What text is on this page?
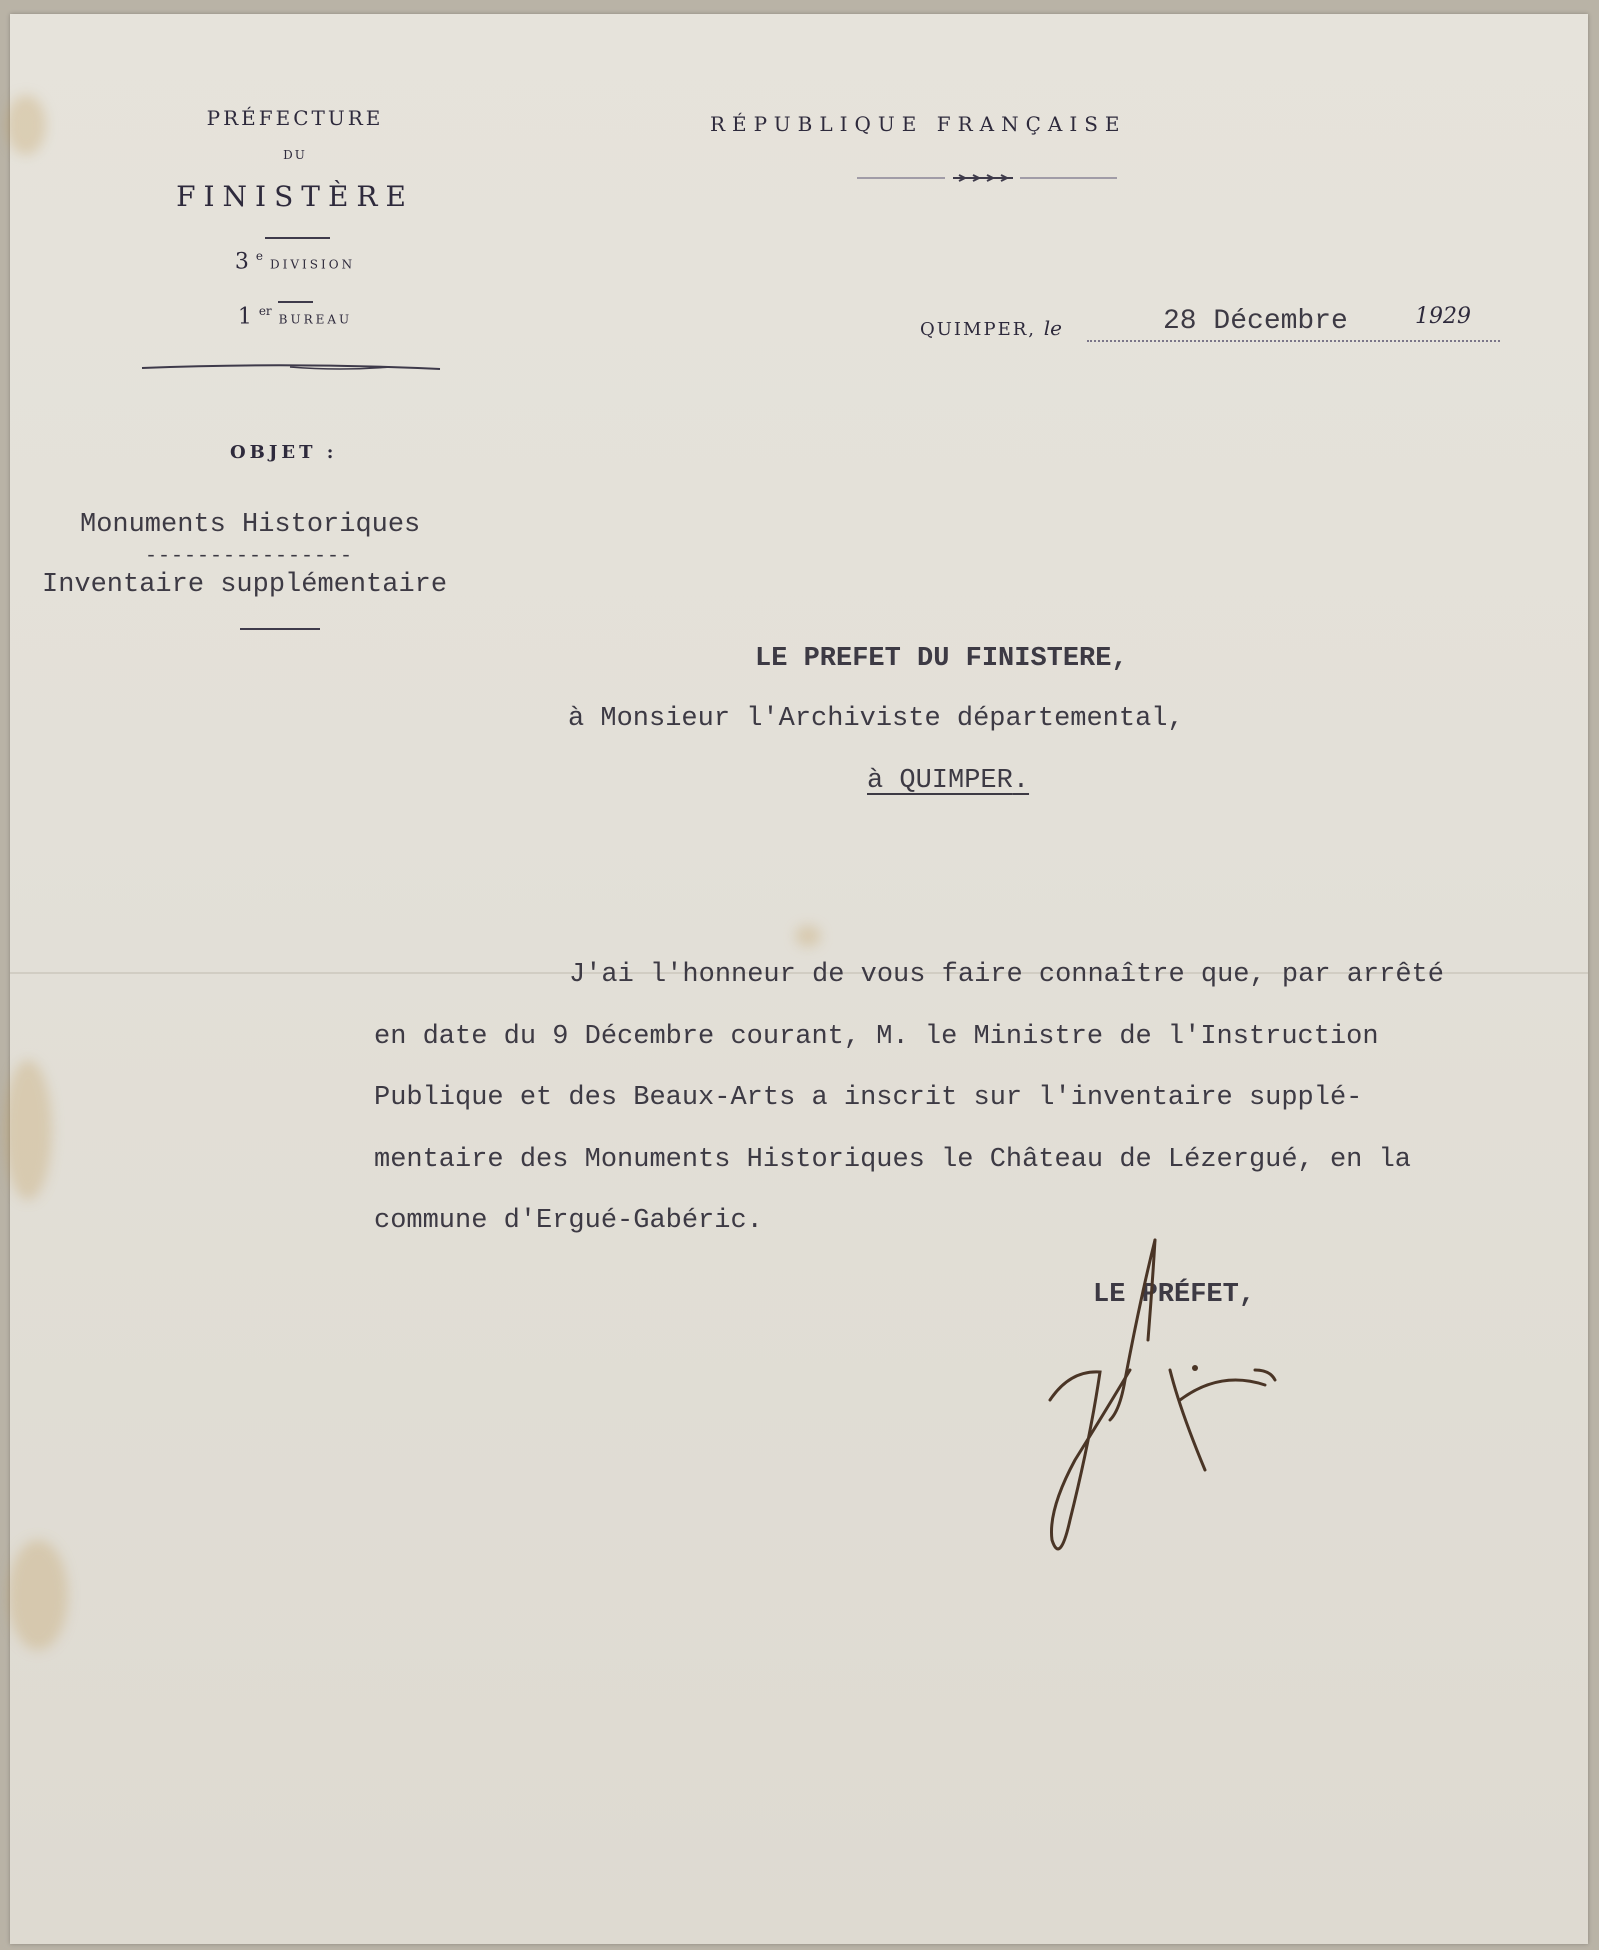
PRÉFECTURE
DU
FINISTÈRE
3 $^e$ DIVISION
1 $^{er}$ BUREAU
OBJET :
Monuments Historiques
----------------
Inventaire supplémentaire
RÉPUBLIQUE FRANÇAISE
QUIMPER, le	28 Décembre	1929
LE PREFET DU FINISTERE,
à Monsieur l'Archiviste départemental,
à QUIMPER.

J'ai l'honneur de vous faire connaître que, par arrêté

en date du 9 Décembre courant, M. le Ministre de l'Instruction

Publique et des Beaux-Arts a inscrit sur l'inventaire supplé-

mentaire des Monuments Historiques le Château de Lézergué, en la

commune d'Ergué-Gabéric.

LE PRÉFET,
